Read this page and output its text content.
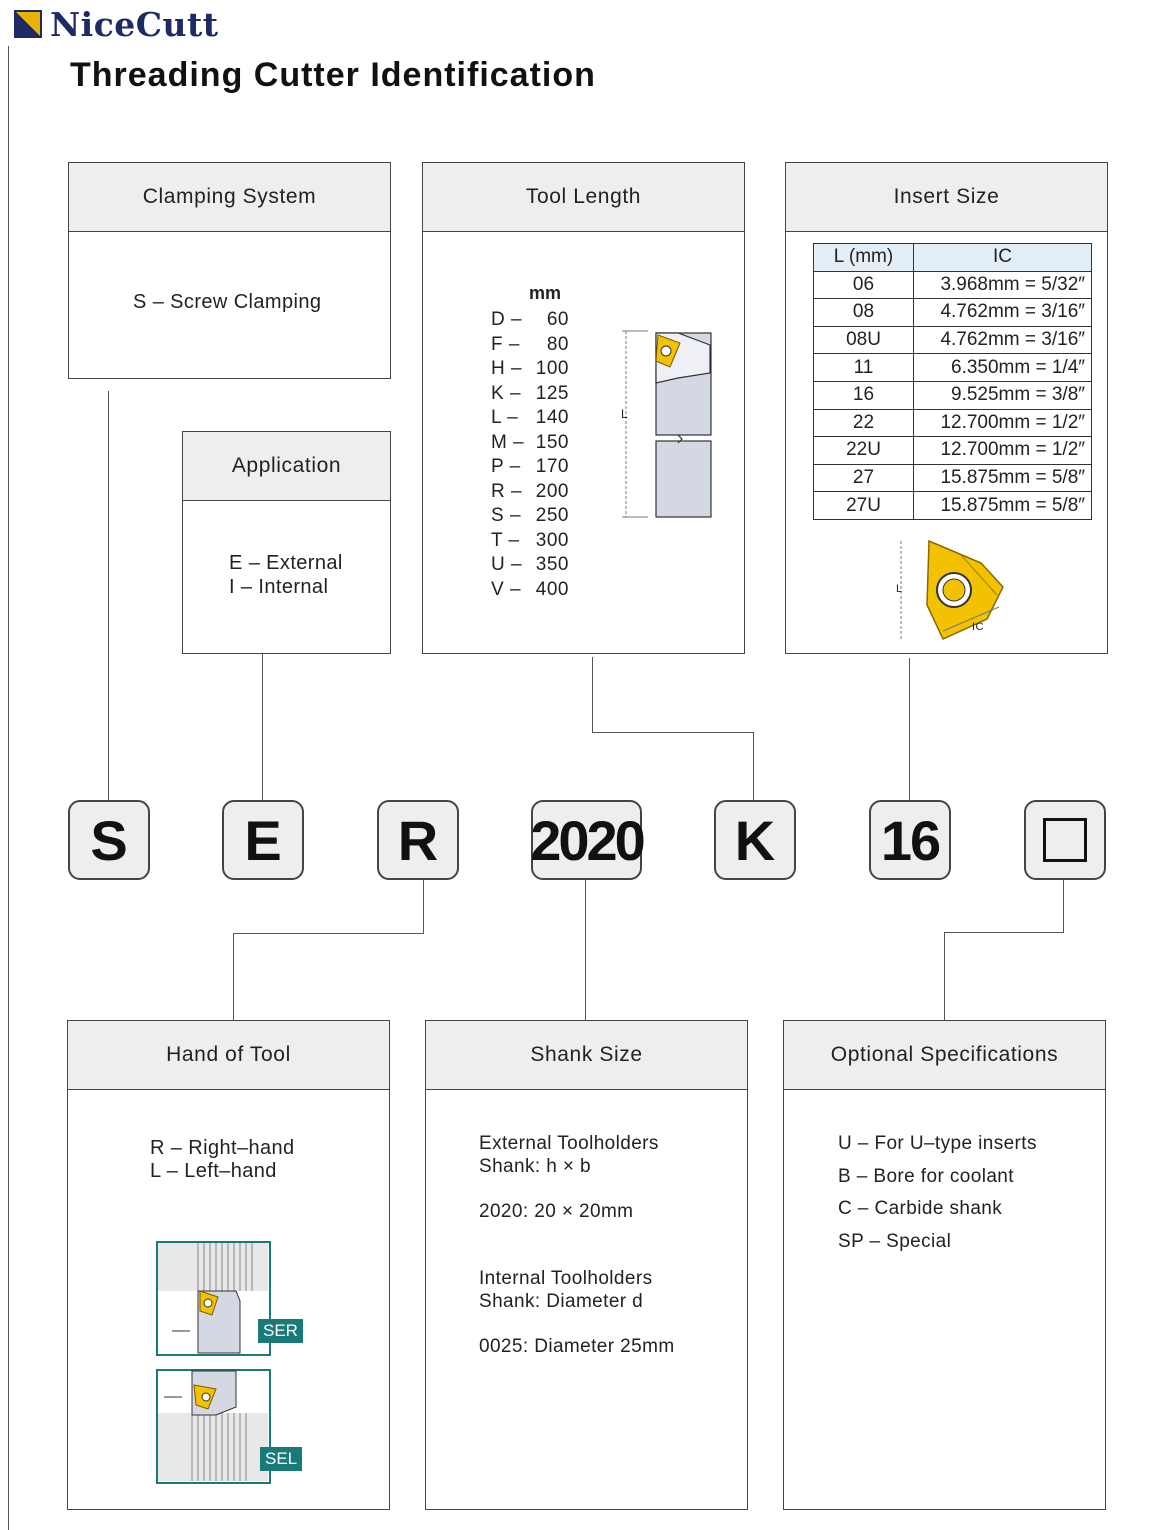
NiceCutt
Threading Cutter Identification
Clamping System
S – Screw Clamping
Application
E – External
I – Internal
Tool Length
mm
D –	60
F –	80
H – 100
K – 125
L – 140
M – 150
P – 170
R – 200
S – 250
T – 300
U – 350
V – 400
L
Insert Size
L (mm)	IC
06	3.968mm = 5/32″
08	4.762mm = 3/16″
08U	4.762mm = 3/16″
11	6.350mm = 1/4″
16	9.525mm = 3/8″
22	12.700mm = 1/2″
22U	12.700mm = 1/2″
27	15.875mm = 5/8″
27U	15.875mm = 5/8″
L
IC
S	E	R	2020	K	16
Hand of Tool
R – Right–hand
L – Left–hand
SER
SEL
Shank Size
External Toolholders
Shank: h × b
2020: 20 × 20mm
Internal Toolholders
Shank: Diameter d
0025: Diameter 25mm
Optional Specifications
U – For U–type inserts
B – Bore for coolant
C – Carbide shank
SP – Special
